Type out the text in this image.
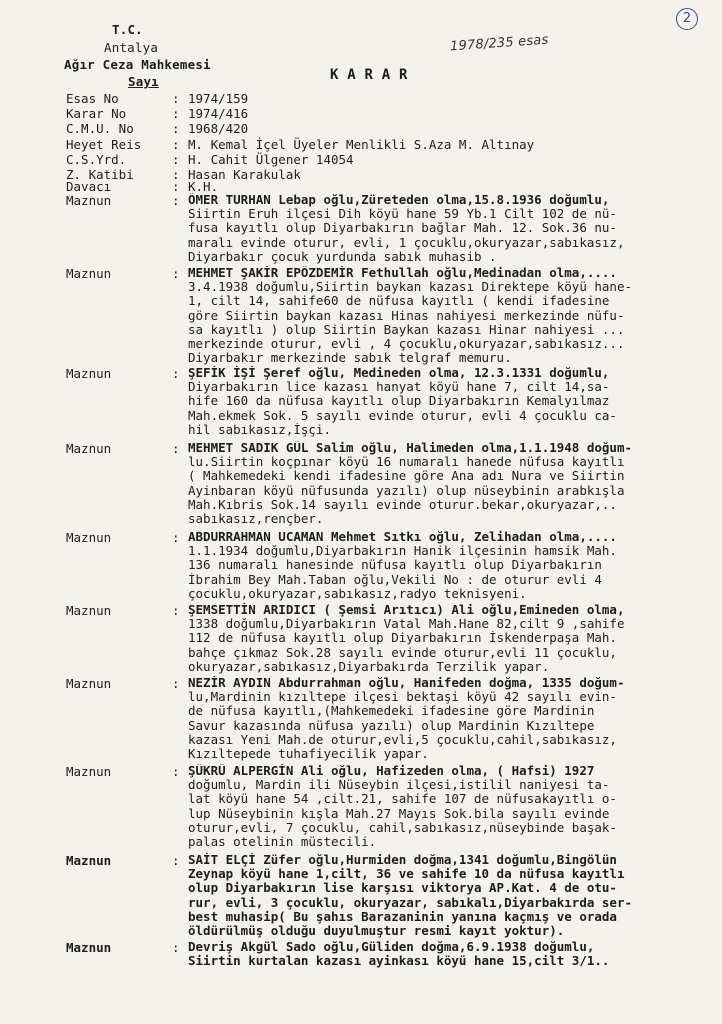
2
1978/235 esas
T.C.
Antalya
Ağır Ceza Mahkemesi
Sayı	K A R A R
Esas No	: 1974/159
Karar No	: 1974/416
C.M.U. No	: 1968/420
Heyet Reis : M. Kemal İçel Üyeler Menlikli S.Aza M. Altınay
C.S.Yrd.	: H. Cahit Ülgener 14054
Z. Katibi	: Hasan Karakulak
Davacı	: K.H.
Maznun	: ÖMER TURHAN Lebap oğlu,Züreteden olma,15.8.1936 doğumlu,
Siirtin Eruh ilçesi Dih köyü hane 59 Yb.1 Cilt 102 de nü-
fusa kayıtlı olup Diyarbakırın bağlar Mah. 12. Sok.36 nu-
maralı evinde oturur, evli, 1 çocuklu,okuryazar,sabıkasız,
Diyarbakır çocuk yurdunda sabık muhasib .
Maznun	: MEHMET ŞAKİR EPÖZDEMİR Fethullah oğlu,Medinadan olma,....
3.4.1938 doğumlu,Siirtin baykan kazası Direktepe köyü hane-
1, cilt 14, sahife60 de nüfusa kayıtlı ( kendi ifadesine
göre Siirtin baykan kazası Hinas nahiyesi merkezinde nüfu-
sa kayıtlı ) olup Siirtin Baykan kazası Hinar nahiyesi ...
merkezinde oturur, evli , 4 çocuklu,okuryazar,sabıkasız...
Diyarbakır merkezinde sabık telgraf memuru.
Maznun	: ŞEFİK İŞİ Şeref oğlu, Medineden olma, 12.3.1331 doğumlu,
Diyarbakırın lice kazası hanyat köyü hane 7, cilt 14,sa-
hife 160 da nüfusa kayıtlı olup Diyarbakırın Kemalyılmaz
Mah.ekmek Sok. 5 sayılı evinde oturur, evli 4 çocuklu ca-
hil sabıkasız,İşçi.
Maznun	: MEHMET SADIK GÜL Salim oğlu, Halimeden olma,1.1.1948 doğum-
lu.Siirtin koçpınar köyü 16 numaralı hanede nüfusa kayıtlı
( Mahkemedeki kendi ifadesine göre Ana adı Nura ve Siirtin
Ayinbaran köyü nüfusunda yazılı) olup nüseybinin arabkışla
Mah.Kıbris Sok.14 sayılı evinde oturur.bekar,okuryazar,..
sabıkasız,rençber.
Maznun	: ABDURRAHMAN UCAMAN Mehmet Sıtkı oğlu, Zelihadan olma,....
1.1.1934 doğumlu,Diyarbakırın Hanik ilçesinin hamsik Mah.
136 numaralı hanesinde nüfusa kayıtlı olup Diyarbakırın
İbrahim Bey Mah.Taban oğlu,Vekili No : de oturur evli 4
çocuklu,okuryazar,sabıkasız,radyo teknisyeni.
Maznun	: ŞEMSETTİN ARIDICI ( Şemsi Arıtıcı) Ali oğlu,Emineden olma,
1338 doğumlu,Diyarbakırın Vatal Mah.Hane 82,cilt 9 ,sahife
112 de nüfusa kayıtlı olup Diyarbakırın İskenderpaşa Mah.
bahçe çıkmaz Sok.28 sayılı evinde oturur,evli 11 çocuklu,
okuryazar,sabıkasız,Diyarbakırda Terzilik yapar.
Maznun	: NEZİR AYDIN Abdurrahman oğlu, Hanifeden doğma, 1335 doğum-
lu,Mardinin kızıltepe ilçesi bektaşi köyü 42 sayılı evin-
de nüfusa kayıtlı,(Mahkemedeki ifadesine göre Mardinin
Savur kazasında nüfusa yazılı) olup Mardinin Kızıltepe
kazası Yeni Mah.de oturur,evli,5 çocuklu,cahil,sabıkasız,
Kızıltepede tuhafiyecilik yapar.
Maznun	: ŞÜKRÜ ALPERGİN Ali oğlu, Hafizeden olma, ( Hafsi) 1927
doğumlu, Mardin ili Nüseybin ilçesi,istilil naniyesi ta-
lat köyü hane 54 ,cilt.21, sahife 107 de nüfusakayıtlı o-
lup Nüseybinin kışla Mah.27 Mayıs Sok.bila sayılı evinde
oturur,evli, 7 çocuklu, cahil,sabıkasız,nüseybinde başak-
palas otelinin müstecili.
Maznun	: SAİT ELÇİ Züfer oğlu,Hurmiden doğma,1341 doğumlu,Bingölün
Zeynap köyü hane 1,cilt, 36 ve sahife 10 da nüfusa kayıtlı
olup Diyarbakırın lise karşısı viktorya AP.Kat. 4 de otu-
rur, evli, 3 çocuklu, okuryazar, sabıkalı,Diyarbakırda ser-
best muhasip( Bu şahıs Barazaninin yanına kaçmış ve orada
öldürülmüş olduğu duyulmuştur resmi kayıt yoktur).
Maznun	: Devriş Akgül Sado oğlu,Güliden doğma,6.9.1938 doğumlu,
Siirtin kurtalan kazası ayinkası köyü hane 15,cilt 3/1..
